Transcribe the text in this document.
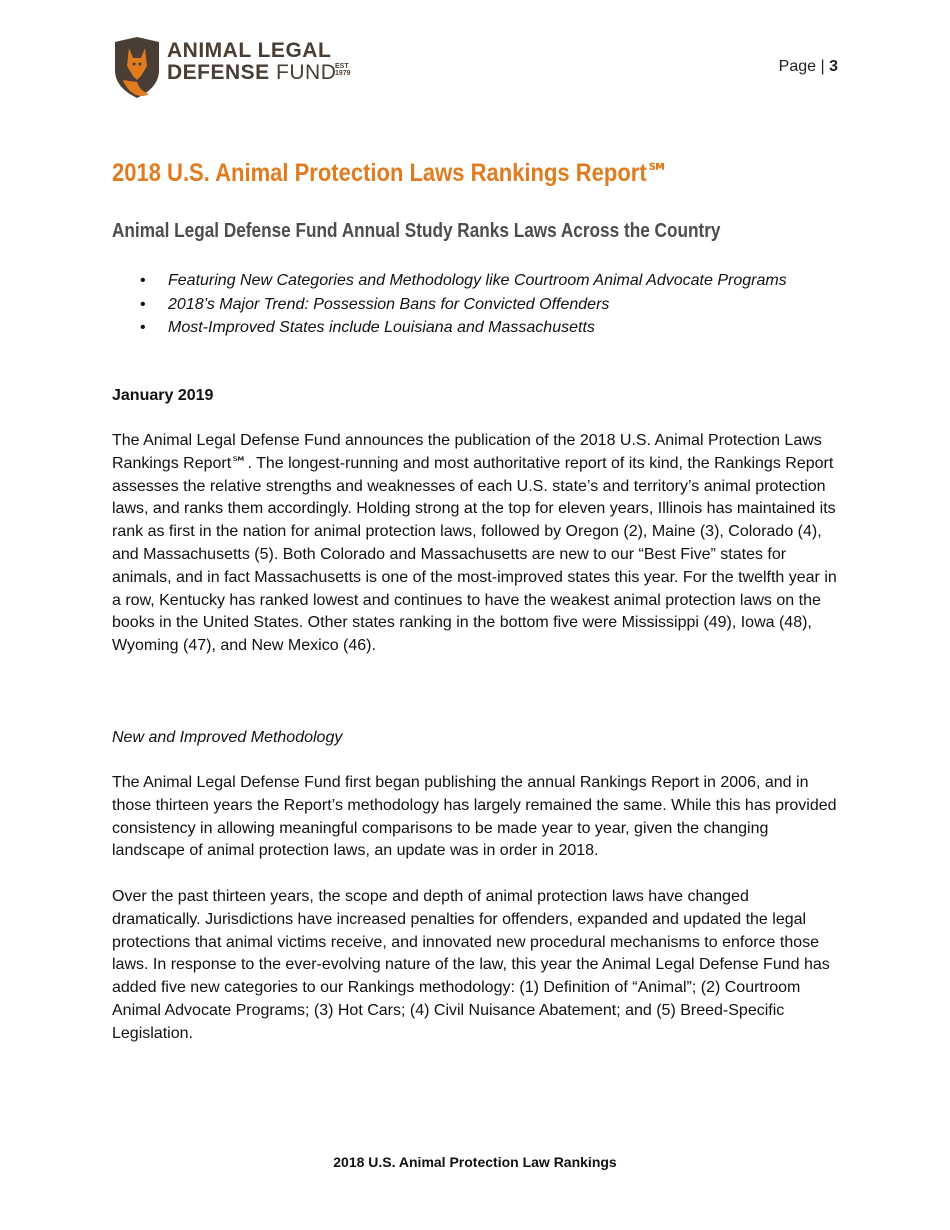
ANIMAL LEGAL
DEFENSE FUND
EST
1979	Page | 3
2018 U.S. Animal Protection Laws Rankings Report℠
Animal Legal Defense Fund Annual Study Ranks Laws Across the Country
• Featuring New Categories and Methodology like Courtroom Animal Advocate Programs
• 2018’s Major Trend: Possession Bans for Convicted Offenders
• Most-Improved States include Louisiana and Massachusetts

January 2019

The Animal Legal Defense Fund announces the publication of the 2018 U.S. Animal Protection Laws Rankings Report℠. The longest-running and most authoritative report of its kind, the Rankings Report assesses the relative strengths and weaknesses of each U.S. state’s and territory’s animal protection laws, and ranks them accordingly. Holding strong at the top for eleven years, Illinois has maintained its rank as first in the nation for animal protection laws, followed by Oregon (2), Maine (3), Colorado (4), and Massachusetts (5). Both Colorado and Massachusetts are new to our “Best Five” states for animals, and in fact Massachusetts is one of the most-improved states this year. For the twelfth year in a row, Kentucky has ranked lowest and continues to have the weakest animal protection laws on the books in the United States. Other states ranking in the bottom five were Mississippi (49), Iowa (48), Wyoming (47), and New Mexico (46).

New and Improved Methodology

The Animal Legal Defense Fund first began publishing the annual Rankings Report in 2006, and in those thirteen years the Report’s methodology has largely remained the same. While this has provided consistency in allowing meaningful comparisons to be made year to year, given the changing landscape of animal protection laws, an update was in order in 2018.

Over the past thirteen years, the scope and depth of animal protection laws have changed dramatically. Jurisdictions have increased penalties for offenders, expanded and updated the legal protections that animal victims receive, and innovated new procedural mechanisms to enforce those laws. In response to the ever-evolving nature of the law, this year the Animal Legal Defense Fund has added five new categories to our Rankings methodology: (1) Definition of “Animal”; (2) Courtroom Animal Advocate Programs; (3) Hot Cars; (4) Civil Nuisance Abatement; and (5) Breed-Specific Legislation.

2018 U.S. Animal Protection Law Rankings
